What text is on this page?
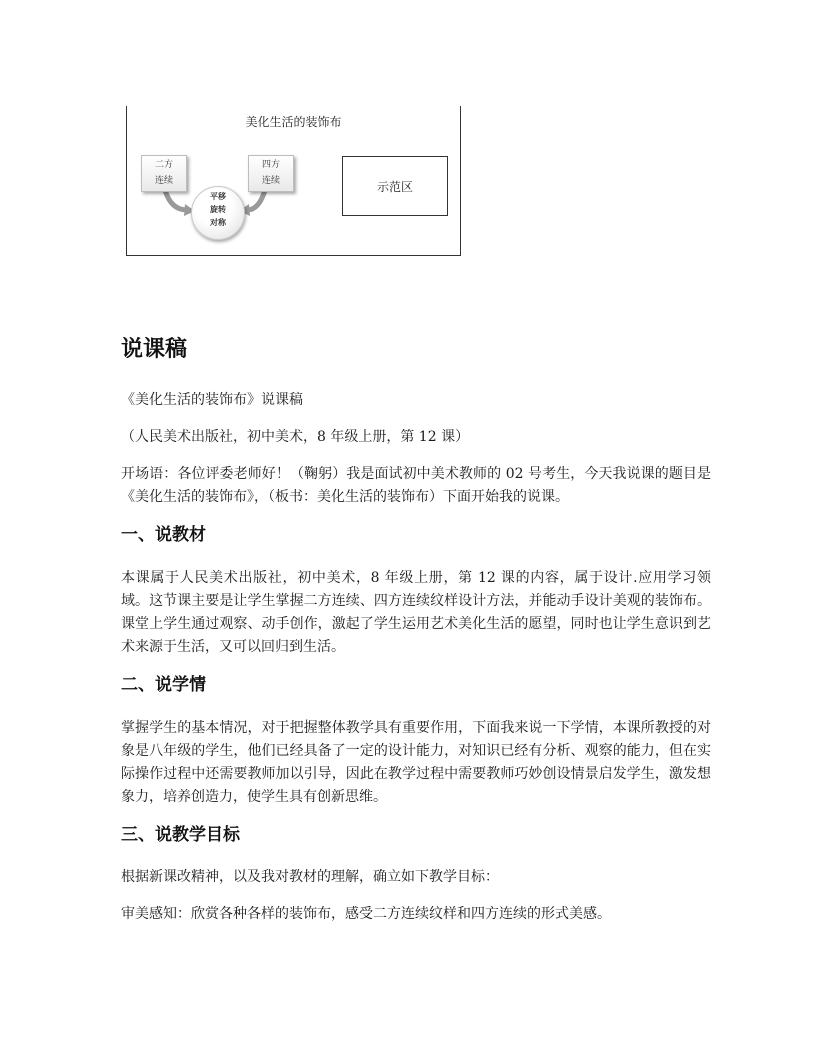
美化生活的装饰布
二方
连续
四方
连续
平移
旋转
对称
示范区
说课稿

《美化生活的装饰布》说课稿

（人民美术出版社，初中美术，8 年级上册，第 12 课）

开场语：各位评委老师好！（鞠躬）我是面试初中美术教师的 02 号考生，今天我说课的题目是《美化生活的装饰布》，（板书：美化生活的装饰布）下面开始我的说课。

一、说教材

本课属于人民美术出版社，初中美术，8 年级上册，第 12 课的内容，属于设计.应用学习领域。这节课主要是让学生掌握二方连续、四方连续纹样设计方法，并能动手设计美观的装饰布。课堂上学生通过观察、动手创作，激起了学生运用艺术美化生活的愿望，同时也让学生意识到艺术来源于生活，又可以回归到生活。

二、说学情

掌握学生的基本情况，对于把握整体教学具有重要作用，下面我来说一下学情，本课所教授的对象是八年级的学生，他们已经具备了一定的设计能力，对知识已经有分析、观察的能力，但在实际操作过程中还需要教师加以引导，因此在教学过程中需要教师巧妙创设情景启发学生，激发想象力，培养创造力，使学生具有创新思维。

三、说教学目标

根据新课改精神，以及我对教材的理解，确立如下教学目标：

审美感知：欣赏各种各样的装饰布，感受二方连续纹样和四方连续的形式美感。
